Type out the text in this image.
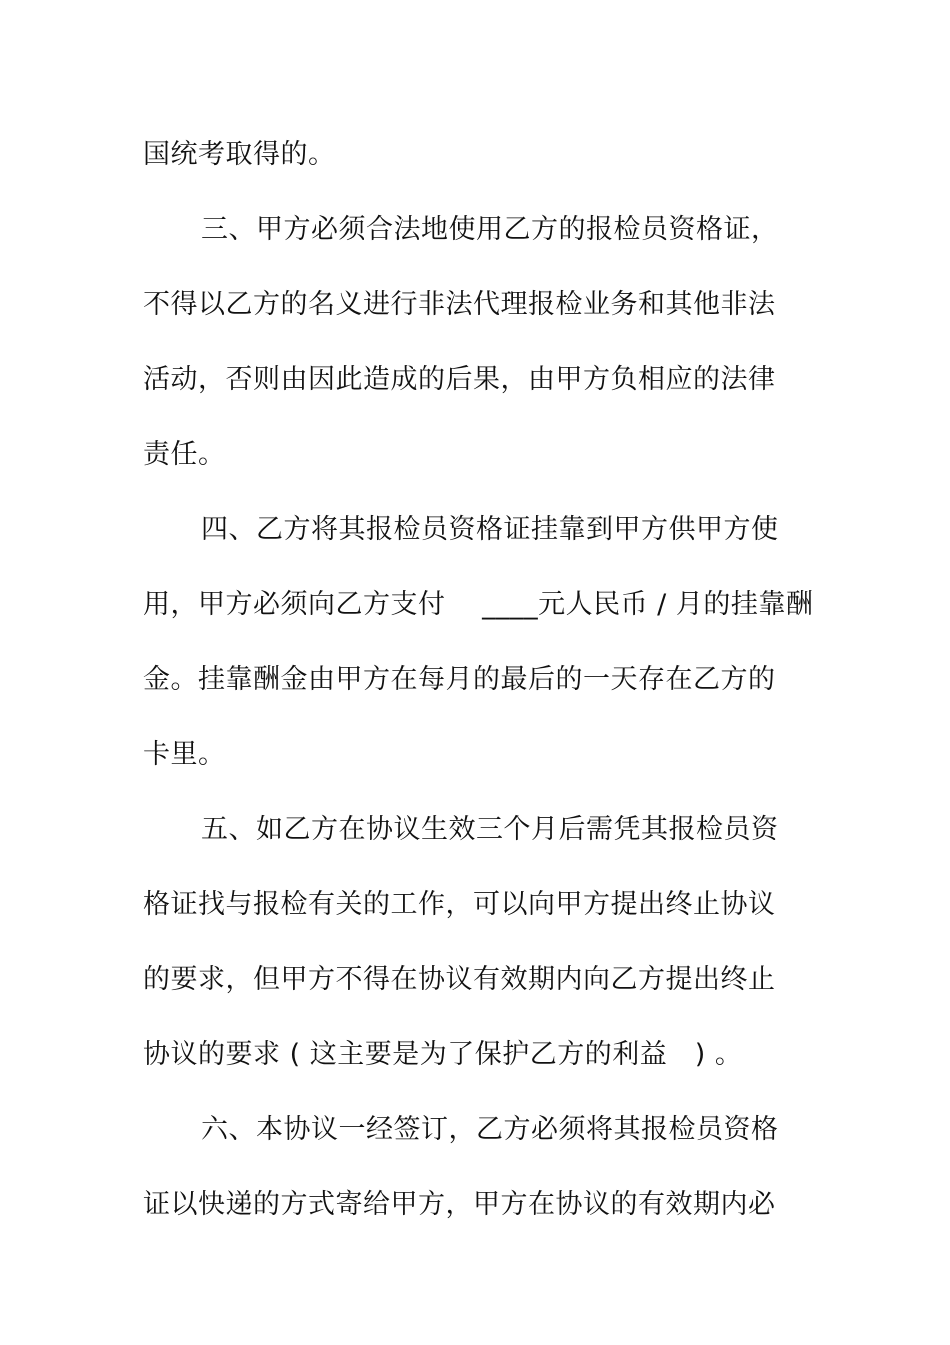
国统考取得的。
三、甲方必须合法地使用乙方的报检员资格证，
不得以乙方的名义进行非法代理报检业务和其他非法
活动，否则由因此造成的后果，由甲方负相应的法律
责任。
四、乙方将其报检员资格证挂靠到甲方供甲方使
用，甲方必须向乙方支付　 ____元人民币 / 月的挂靠酬
金。挂靠酬金由甲方在每月的最后的一天存在乙方的
卡里。
五、如乙方在协议生效三个月后需凭其报检员资
格证找与报检有关的工作，可以向甲方提出终止协议
的要求，但甲方不得在协议有效期内向乙方提出终止
协议的要求 ( 这主要是为了保护乙方的利益　) 。
六、本协议一经签订，乙方必须将其报检员资格
证以快递的方式寄给甲方，甲方在协议的有效期内必
